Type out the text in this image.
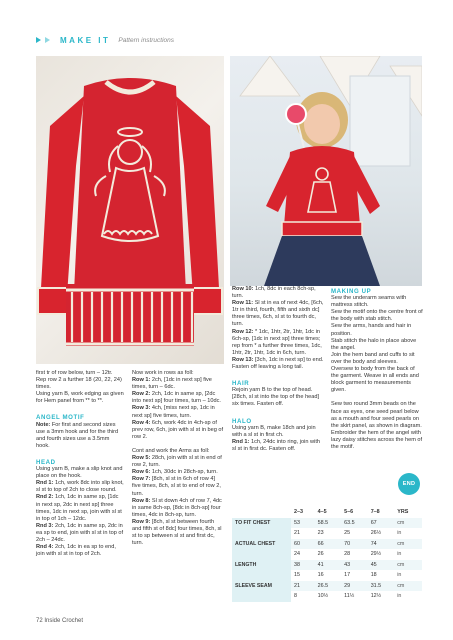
MAKE IT Pattern instructions

first tr of row below, turn – 12tr.
Rep row 2 a further 18 (20, 22, 24) times.
Using yarn B, work edging as given for Hem panel from ** to **.

ANGEL MOTIF

Note: For first and second sizes use a 3mm hook and for the third and fourth sizes use a 3.5mm hook.

HEAD

Using yarn B, make a slip knot and place on the hook.

Rnd 1: 1ch, work 8dc into slip knot, sl st to top of 2ch to close round.

Rnd 2: 1ch, 1dc in same sp, [1dc in next sp, 2dc in next sp] three times, 1dc in next sp, join with sl st in top of 1ch – 12dc.

Rnd 3: 2ch, 1dc in same sp, 2dc in ea sp to end, join with sl st in top of 2ch – 24dc.

Rnd 4: 2ch, 1dc in ea sp to end, join with sl st in top of 2ch.

Now work in rows as foll:

Row 1: 2ch, [1dc in next sp] five times, turn – 6dc.

Row 2: 2ch, 1dc in same sp, [2dc into next sp] four times, turn – 10dc.

Row 3: 4ch, [miss next sp, 1dc in next sp] five times, turn.

Row 4: 6ch, work 4dc in 4ch-sp of prev row, 6ch, join with sl st in beg of row 2.

Cont and work the Arms as foll:

Row 5: 28ch, join with sl st in end of row 2, turn.

Row 6: 1ch, 30dc in 28ch-sp, turn.

Row 7: [8ch, sl st in 6ch of row 4] five times, 8ch, sl st to end of row 2, turn.

Row 8: Sl st down 4ch of row 7, 4dc in same 8ch-sp, [8dc in 8ch-sp] four times, 4dc in 8ch-sp, turn.

Row 9: [8ch, sl st between fourth and fifth st of 8dc] four times, 8ch, sl st to sp between sl st and first dc, turn.

Row 10: 1ch, 8dc in each 8ch-sp, turn.

Row 11: Sl st in ea of next 4dc, [6ch, 1tr in third, fourth, fifth and sixth dc] three times, 6ch, sl st to fourth dc, turn.

Row 12: * 1dc, 1htr, 2tr, 1htr, 1dc in 6ch-sp, [1dc in next sp] three times; rep from * a further three times, 1dc, 1htr, 2tr, 1htr, 1dc in 6ch, turn.

Row 13: [3ch, 1dc in next sp] to end.
Fasten off leaving a long tail.

HAIR

Rejoin yarn B to the top of head. [28ch, sl st into the top of the head] six times. Fasten off.

HALO

Using yarn B, make 18ch and join with a sl st in first ch.

Rnd 1: 1ch, 24dc into ring, join with sl st in first dc. Fasten off.

MAKING UP

Sew the underarm seams with mattress stitch.
Sew the motif onto the centre front of the body with stab stitch.
Sew the arms, hands and hair in position.
Stab stitch the halo in place above the angel.
Join the hem band and cuffs to sit over the body and sleeves.
Oversew to body from the back of the garment. Weave in all ends and block garment to measurements given.

Sew two round 3mm beads on the face as eyes, one seed pearl below as a mouth and four seed pearls on the skirt panel, as shown in diagram.
Embroider the hem of the angel with lazy daisy stitches across the hem of the motif.

END
	2–3	4–5	5–6	7–8	YRS
TO FIT CHEST	53	58.5	63.5	67	cm
	21	23	25	26½	in
ACTUAL CHEST	60	66	70	74	cm
	24	26	28	29½	in
LENGTH	38	41	43	45	cm
	15	16	17	18	in
SLEEVE SEAM	21	26.5	29	31.5	cm
	8	10½	11½	12½	in
72 Inside Crochet
